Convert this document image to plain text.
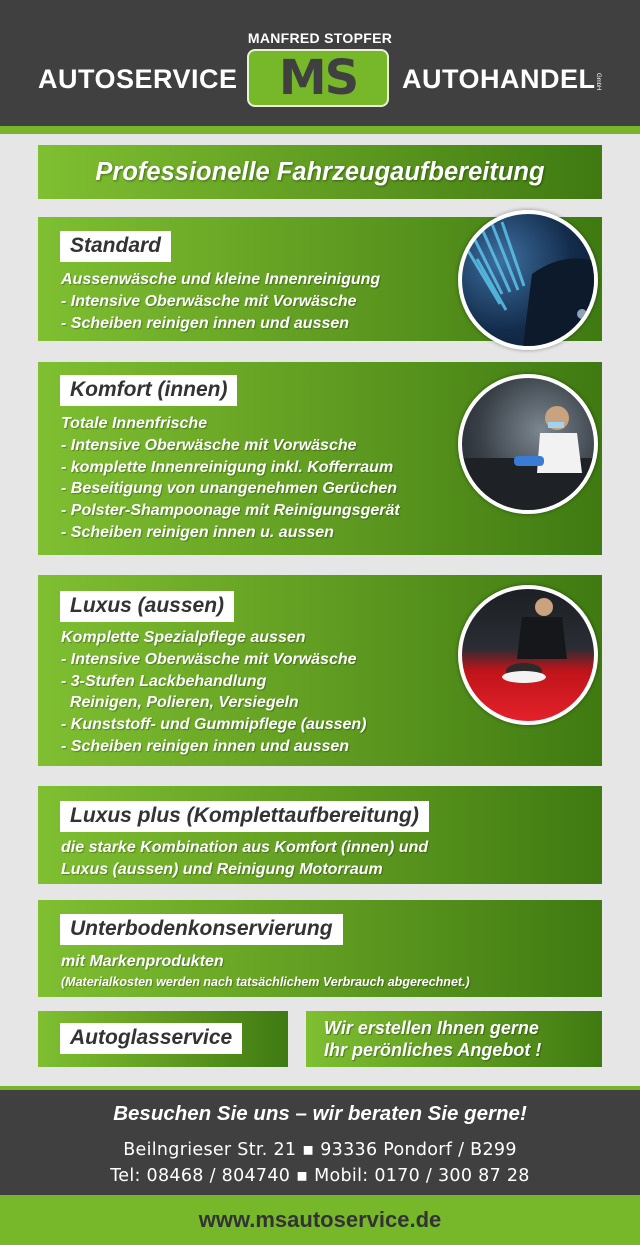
MANFRED STOPFER
AUTOSERVICE MS AUTOHANDEL GmbH
Professionelle Fahrzeugaufbereitung
Standard
Aussenwäsche und kleine Innenreinigung
- Intensive Oberwäsche mit Vorwäsche
- Scheiben reinigen innen und aussen
Komfort (innen)
Totale Innenfrische
- Intensive Oberwäsche mit Vorwäsche
- komplette Innenreinigung inkl. Kofferraum
- Beseitigung von unangenehmen Gerüchen
- Polster-Shampoonage mit Reinigungsgerät
- Scheiben reinigen innen u. aussen
Luxus (aussen)
Komplette Spezialpflege aussen
- Intensive Oberwäsche mit Vorwäsche
- 3-Stufen Lackbehandlung
Reinigen, Polieren, Versiegeln
- Kunststoff- und Gummipflege (aussen)
- Scheiben reinigen innen und aussen
Luxus plus (Komplettaufbereitung)
die starke Kombination aus Komfort (innen) und
Luxus (aussen) und Reinigung Motorraum
Unterbodenkonservierung
mit Markenprodukten
(Materialkosten werden nach tatsächlichem Verbrauch abgerechnet.)
Autoglasservice	Wir erstellen Ihnen gerne
Ihr perönliches Angebot !
Besuchen Sie uns – wir beraten Sie gerne!
Beilngrieser Str. 21 ▪ 93336 Pondorf / B299
Tel: 08468 / 804740 ▪ Mobil: 0170 / 300 87 28
www.msautoservice.de
